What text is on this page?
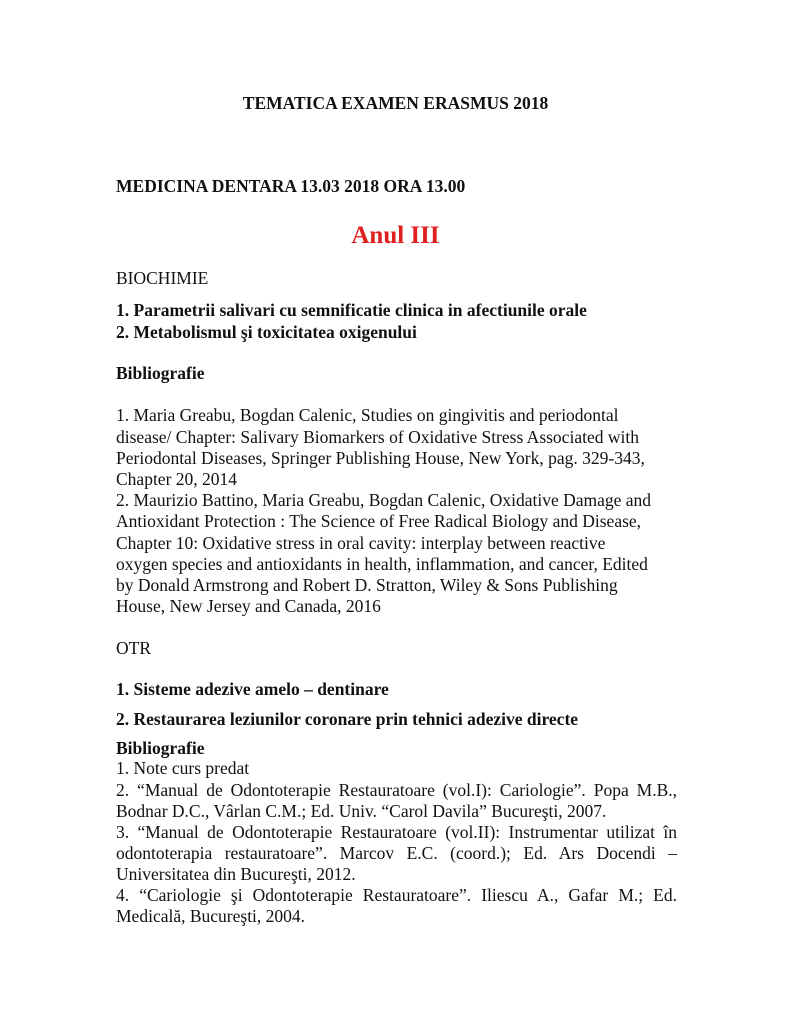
TEMATICA EXAMEN ERASMUS 2018
MEDICINA DENTARA 13.03 2018 ORA 13.00
Anul III
BIOCHIMIE
1. Parametrii salivari cu semnificatie clinica in afectiunile orale
2. Metabolismul şi toxicitatea oxigenului
Bibliografie
1. Maria Greabu, Bogdan Calenic, Studies on gingivitis and periodontal
disease/ Chapter: Salivary Biomarkers of Oxidative Stress Associated with
Periodontal Diseases, Springer Publishing House, New York, pag. 329-343,
Chapter 20, 2014
2. Maurizio Battino, Maria Greabu, Bogdan Calenic, Oxidative Damage and
Antioxidant Protection : The Science of Free Radical Biology and Disease,
Chapter 10: Oxidative stress in oral cavity: interplay between reactive
oxygen species and antioxidants in health, inflammation, and cancer, Edited
by Donald Armstrong and Robert D. Stratton, Wiley & Sons Publishing
House, New Jersey and Canada, 2016
OTR
1. Sisteme adezive amelo – dentinare
2. Restaurarea leziunilor coronare prin tehnici adezive directe
Bibliografie
1. Note curs predat
2. “Manual de Odontoterapie Restauratoare (vol.I): Cariologie”. Popa M.B.,
Bodnar D.C., Vârlan C.M.; Ed. Univ. “Carol Davila” Bucureşti, 2007.
3. “Manual de Odontoterapie Restauratoare (vol.II): Instrumentar utilizat în
odontoterapia restauratoare”. Marcov E.C. (coord.); Ed. Ars Docendi –
Universitatea din Bucureşti, 2012.
4. “Cariologie şi Odontoterapie Restauratoare”. Iliescu A., Gafar M.; Ed.
Medicală, Bucureşti, 2004.
